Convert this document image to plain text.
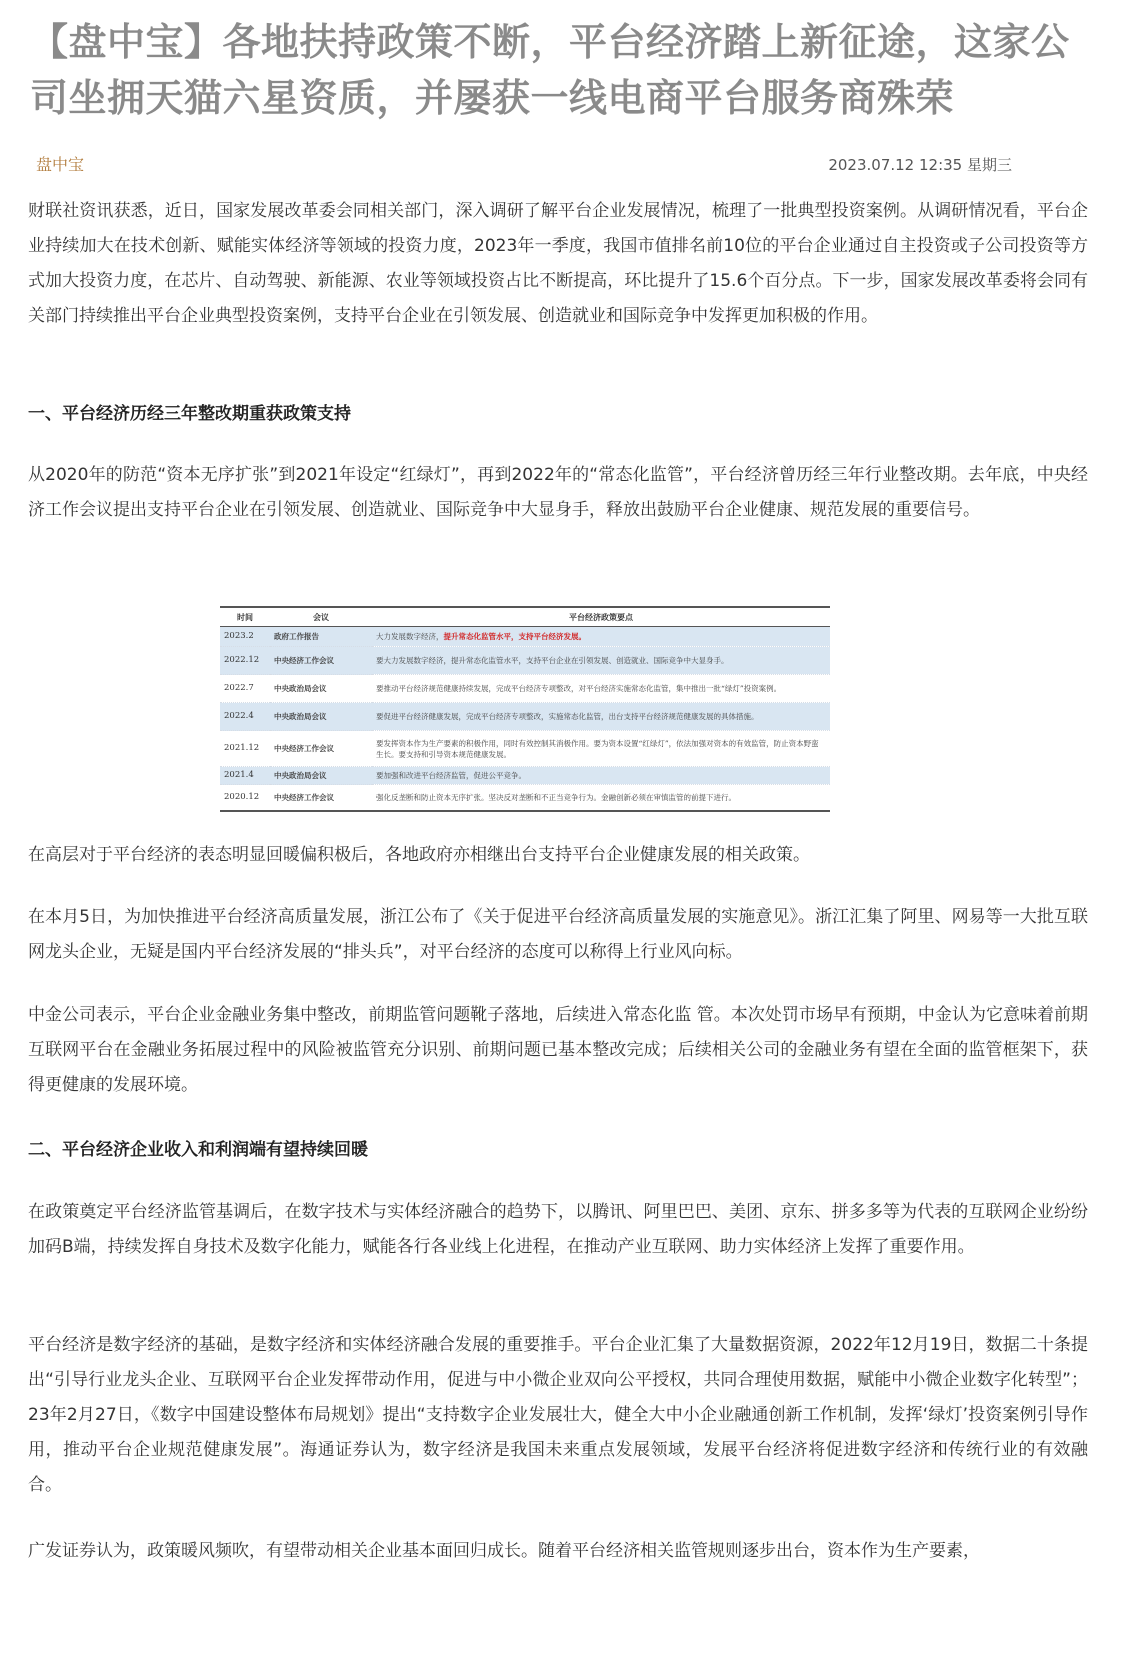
【盘中宝】各地扶持政策不断，平台经济踏上新征途，这家公司坐拥天猫六星资质，并屡获一线电商平台服务商殊荣
盘中宝	2023.07.12 12:35 星期三

财联社资讯获悉，近日，国家发展改革委会同相关部门，深入调研了解平台企业发展情况，梳理了一批典型投资案例。从调研情况看，平台企业持续加大在技术创新、赋能实体经济等领域的投资力度，2023年一季度，我国市值排名前10位的平台企业通过自主投资或子公司投资等方式加大投资力度，在芯片、自动驾驶、新能源、农业等领域投资占比不断提高，环比提升了15.6个百分点。下一步，国家发展改革委将会同有关部门持续推出平台企业典型投资案例，支持平台企业在引领发展、创造就业和国际竞争中发挥更加积极的作用。

一、平台经济历经三年整改期重获政策支持

从2020年的防范“资本无序扩张”到2021年设定“红绿灯”，再到2022年的“常态化监管”，平台经济曾历经三年行业整改期。去年底，中央经济工作会议提出支持平台企业在引领发展、创造就业、国际竞争中大显身手，释放出鼓励平台企业健康、规范发展的重要信号。

时间	会议	平台经济政策要点
2023.2	政府工作报告	大力发展数字经济，提升常态化监管水平，支持平台经济发展。
2022.12	中央经济工作会议	要大力发展数字经济，提升常态化监管水平，支持平台企业在引领发展、创造就业、国际竞争中大显身手。
2022.7	中央政治局会议	要推动平台经济规范健康持续发展，完成平台经济专项整改，对平台经济实施常态化监管，集中推出一批“绿灯”投资案例。
2022.4	中央政治局会议	要促进平台经济健康发展，完成平台经济专项整改，实施常态化监管，出台支持平台经济规范健康发展的具体措施。
2021.12	中央经济工作会议	要发挥资本作为生产要素的积极作用，同时有效控制其消极作用。要为资本设置“红绿灯”，依法加强对资本的有效监管，防止资本野蛮生长。要支持和引导资本规范健康发展。
2021.4	中央政治局会议	要加强和改进平台经济监管，促进公平竞争。
2020.12	中央经济工作会议	强化反垄断和防止资本无序扩张。坚决反对垄断和不正当竞争行为。金融创新必须在审慎监管的前提下进行。

在高层对于平台经济的表态明显回暖偏积极后，各地政府亦相继出台支持平台企业健康发展的相关政策。

在本月5日，为加快推进平台经济高质量发展，浙江公布了《关于促进平台经济高质量发展的实施意见》。浙江汇集了阿里、网易等一大批互联网龙头企业，无疑是国内平台经济发展的“排头兵”，对平台经济的态度可以称得上行业风向标。

中金公司表示，平台企业金融业务集中整改，前期监管问题靴子落地，后续进入常态化监 管。本次处罚市场早有预期，中金认为它意味着前期互联网平台在金融业务拓展过程中的风险被监管充分识别、前期问题已基本整改完成；后续相关公司的金融业务有望在全面的监管框架下，获得更健康的发展环境。

二、平台经济企业收入和利润端有望持续回暖

在政策奠定平台经济监管基调后，在数字技术与实体经济融合的趋势下，以腾讯、阿里巴巴、美团、京东、拼多多等为代表的互联网企业纷纷加码B端，持续发挥自身技术及数字化能力，赋能各行各业线上化进程，在推动产业互联网、助力实体经济上发挥了重要作用。

平台经济是数字经济的基础，是数字经济和实体经济融合发展的重要推手。平台企业汇集了大量数据资源，2022年12月19日，数据二十条提出“引导行业龙头企业、互联网平台企业发挥带动作用，促进与中小微企业双向公平授权，共同合理使用数据，赋能中小微企业数字化转型”；23年2月27日，《数字中国建设整体布局规划》提出“支持数字企业发展壮大，健全大中小企业融通创新工作机制，发挥‘绿灯’投资案例引导作用，推动平台企业规范健康发展”。海通证券认为，数字经济是我国未来重点发展领域，发展平台经济将促进数字经济和传统行业的有效融合。

广发证券认为，政策暖风频吹，有望带动相关企业基本面回归成长。随着平台经济相关监管规则逐步出台，资本作为生产要素，
